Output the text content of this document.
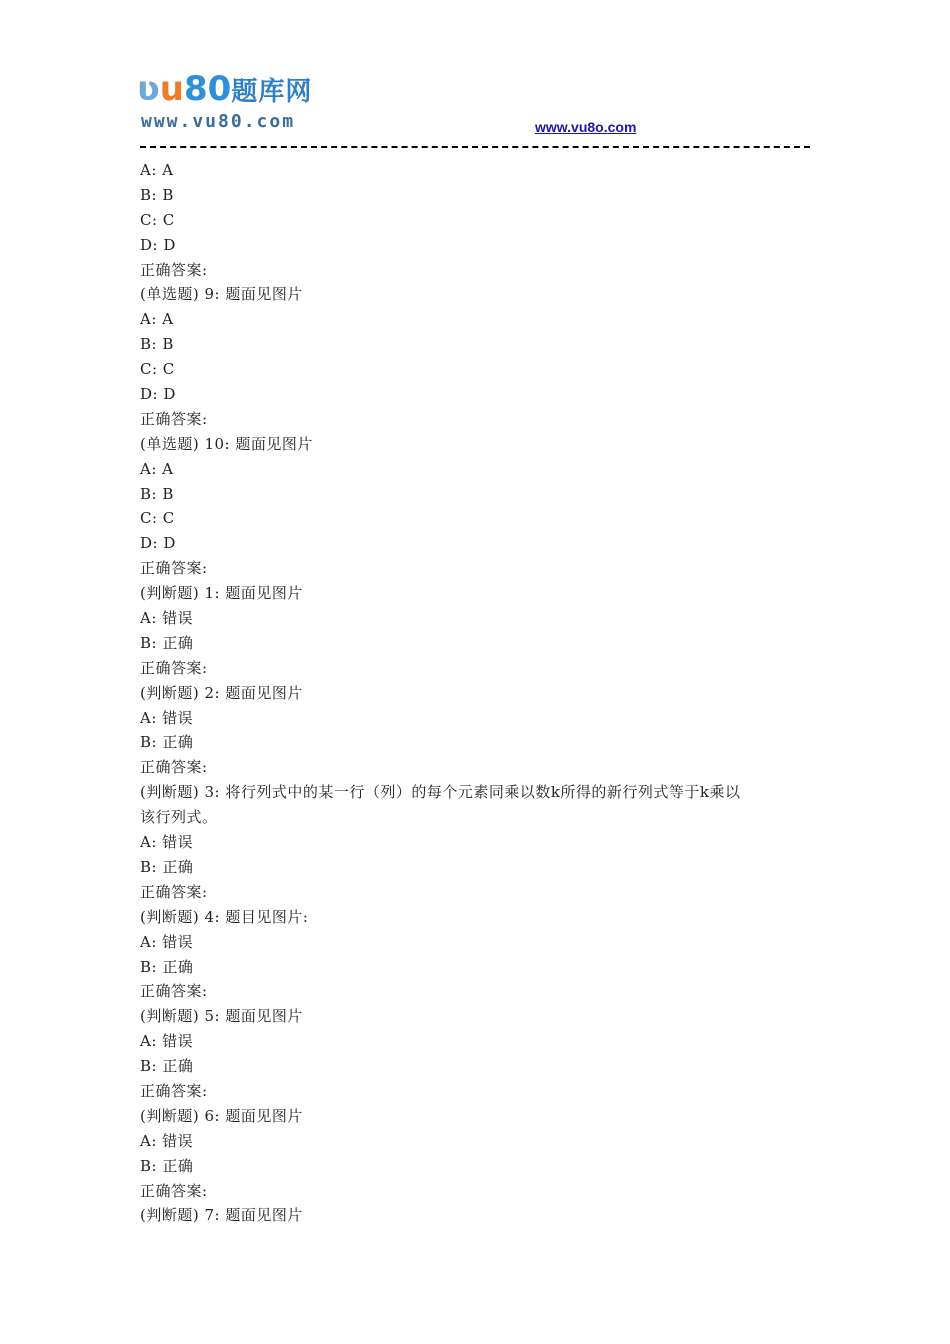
ʋu80题库网
www.vu80.com	www.vu8o.com
A: A
B: B
C: C
D: D
正确答案:
(单选题) 9: 题面见图片
A: A
B: B
C: C
D: D
正确答案:
(单选题) 10: 题面见图片
A: A
B: B
C: C
D: D
正确答案:
(判断题) 1: 题面见图片
A: 错误
B: 正确
正确答案:
(判断题) 2: 题面见图片
A: 错误
B: 正确
正确答案:
(判断题) 3: 将行列式中的某一行（列）的每个元素同乘以数k所得的新行列式等于k乘以
该行列式。
A: 错误
B: 正确
正确答案:
(判断题) 4: 题目见图片:
A: 错误
B: 正确
正确答案:
(判断题) 5: 题面见图片
A: 错误
B: 正确
正确答案:
(判断题) 6: 题面见图片
A: 错误
B: 正确
正确答案:
(判断题) 7: 题面见图片
